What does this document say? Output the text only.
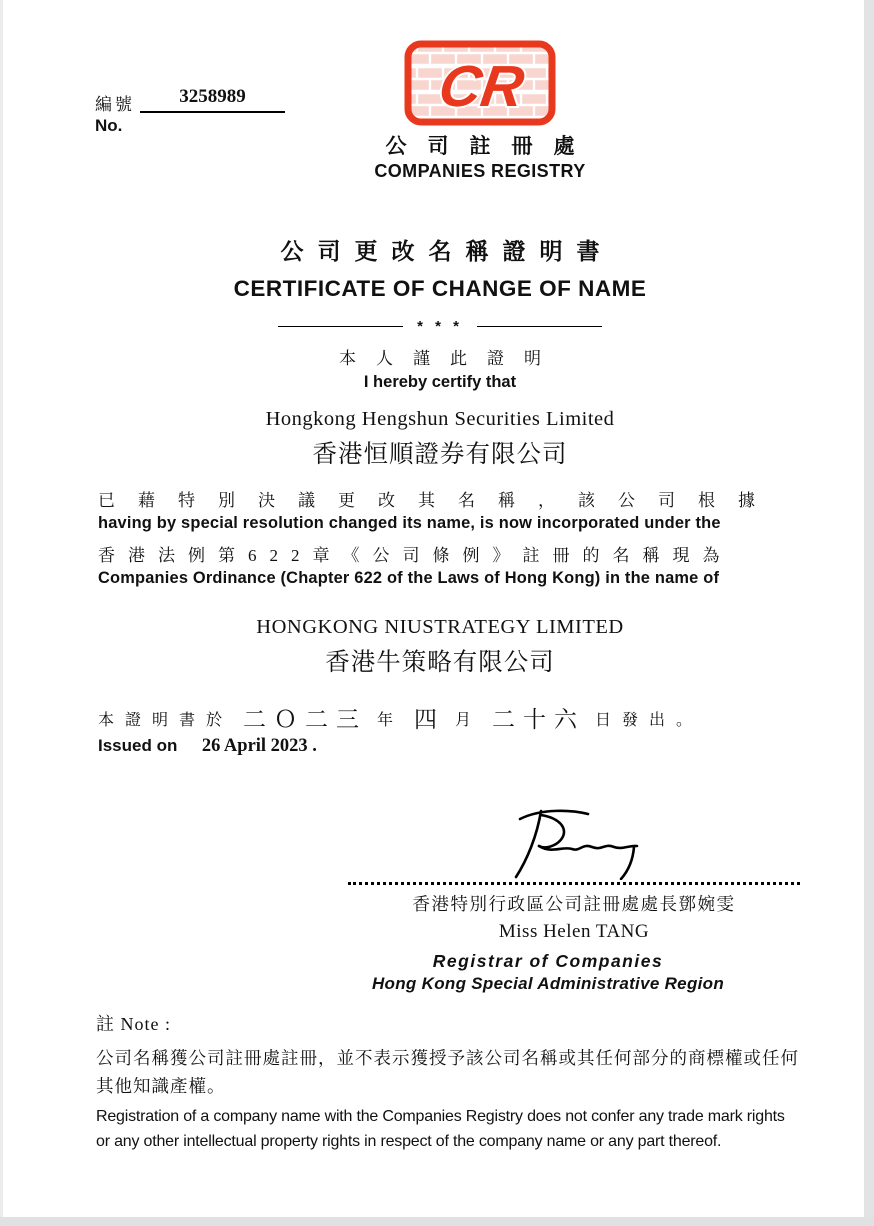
編號	3258989
No.
CR
公司註冊處
COMPANIES REGISTRY
公司更改名稱證明書
CERTIFICATE OF CHANGE OF NAME
* * *
本人謹此證明
I hereby certify that
Hongkong Hengshun Securities Limited
香港恒順證券有限公司
已藉特別決議更改其名稱，該公司根據
having by special resolution changed its name, is now incorporated under the
香港法例第622章《公司條例》註冊的名稱現為
Companies Ordinance (Chapter 622 of the Laws of Hong Kong) in the name of
HONGKONG NIUSTRATEGY LIMITED
香港牛策略有限公司
本證明書於 二Ｏ二三 年 四 月 二十六 日發出。
Issued on 26 April 2023 .
香港特別行政區公司註冊處處長鄧婉雯
Miss Helen TANG
Registrar of Companies
Hong Kong Special Administrative Region
註 Note :
公司名稱獲公司註冊處註冊，並不表示獲授予該公司名稱或其任何部分的商標權或任何
其他知識產權。
Registration of a company name with the Companies Registry does not confer any trade mark rights
or any other intellectual property rights in respect of the company name or any part thereof.
